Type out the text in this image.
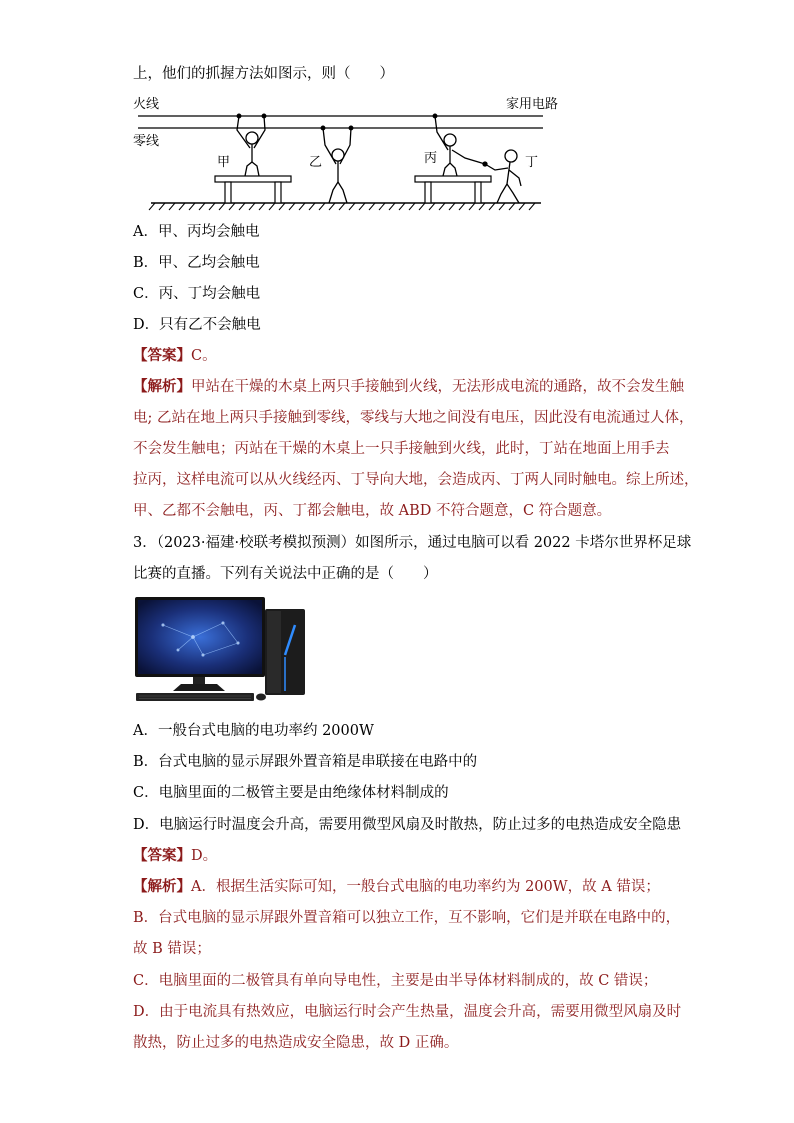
上，他们的抓握方法如图示，则（　　）
火线
零线
家用电路
甲	乙	丙	丁
A．甲、丙均会触电
B．甲、乙均会触电
C．丙、丁均会触电
D．只有乙不会触电
【答案】C。
【解析】甲站在干燥的木桌上两只手接触到火线，无法形成电流的通路，故不会发生触
电; 乙站在地上两只手接触到零线，零线与大地之间没有电压，因此没有电流通过人体，
不会发生触电；丙站在干燥的木桌上一只手接触到火线，此时，丁站在地面上用手去
拉丙，这样电流可以从火线经丙、丁导向大地，会造成丙、丁两人同时触电。综上所述，
甲、乙都不会触电，丙、丁都会触电，故 ABD 不符合题意，C 符合题意。
3．（2023·福建·校联考模拟预测）如图所示，通过电脑可以看 2022 卡塔尔世界杯足球
比赛的直播。下列有关说法中正确的是（　　）
A．一般台式电脑的电功率约 2000W
B．台式电脑的显示屏跟外置音箱是串联接在电路中的
C．电脑里面的二极管主要是由绝缘体材料制成的
D．电脑运行时温度会升高，需要用微型风扇及时散热，防止过多的电热造成安全隐患
【答案】D。
【解析】A．根据生活实际可知，一般台式电脑的电功率约为 200W，故 A 错误；
B．台式电脑的显示屏跟外置音箱可以独立工作，互不影响，它们是并联在电路中的，
故 B 错误；
C．电脑里面的二极管具有单向导电性，主要是由半导体材料制成的，故 C 错误；
D．由于电流具有热效应，电脑运行时会产生热量，温度会升高，需要用微型风扇及时
散热，防止过多的电热造成安全隐患，故 D 正确。
